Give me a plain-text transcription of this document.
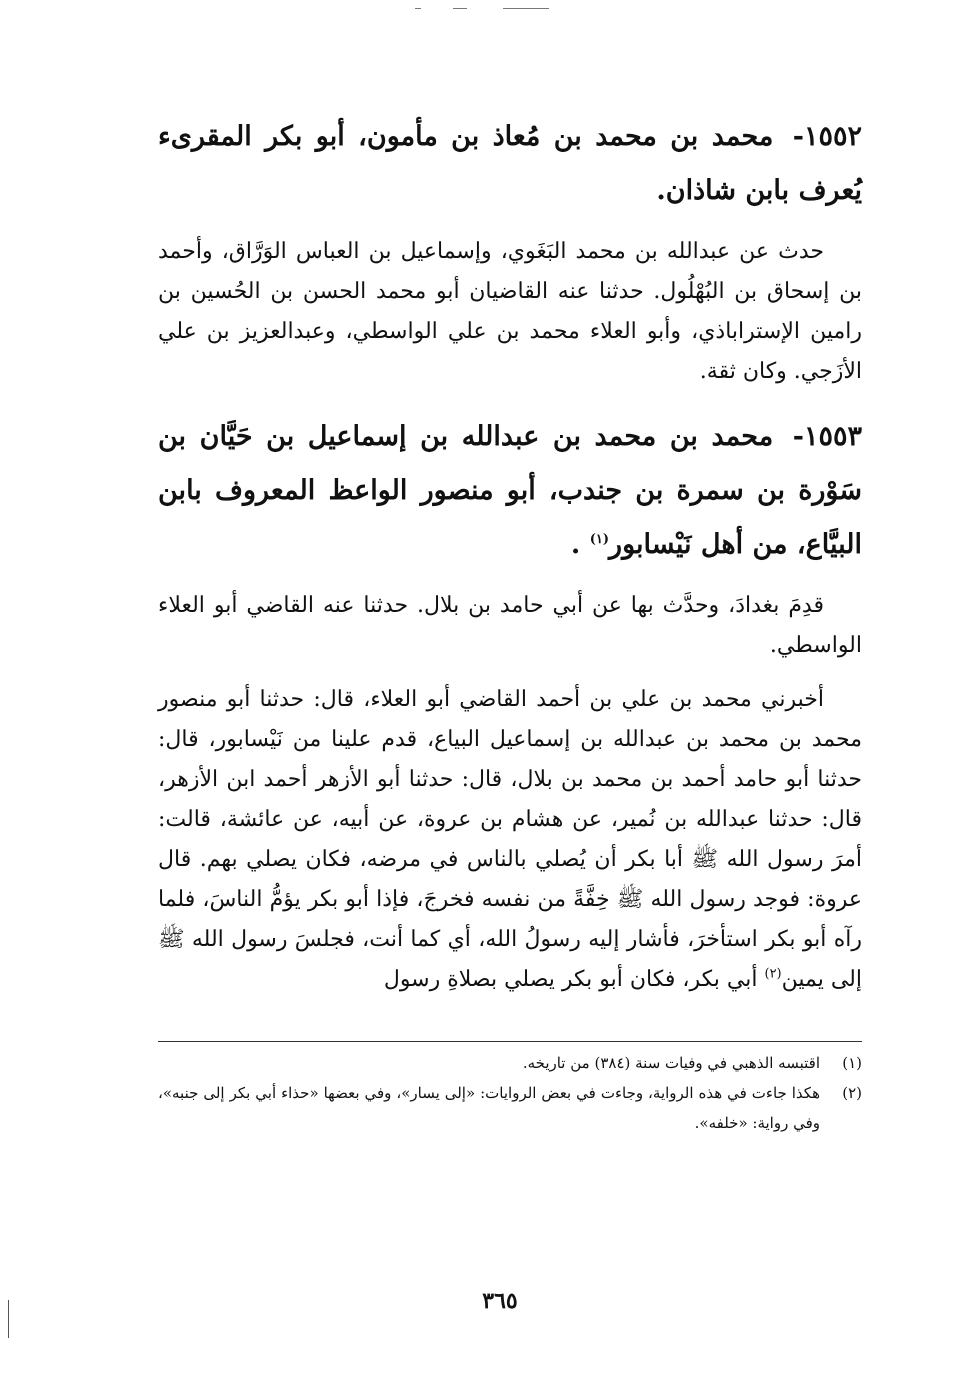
١٥٥٢- محمد بن محمد بن مُعاذ بن مأمون، أبو بكر المقرىء يُعرف بابن شاذان.

حدث عن عبدالله بن محمد البَغَوي، وإسماعيل بن العباس الوَرَّاق، وأحمد بن إسحاق بن البُهْلُول. حدثنا عنه القاضيان أبو محمد الحسن بن الحُسين بن رامين الإستراباذي، وأبو العلاء محمد بن علي الواسطي، وعبدالعزيز بن علي الأزَجي. وكان ثقة.

١٥٥٣- محمد بن محمد بن عبدالله بن إسماعيل بن حَيَّان بن سَوْرة بن سمرة بن جندب، أبو منصور الواعظ المعروف بابن البيَّاع، من أهل نَيْسابور$^{(١)}$ .

قدِمَ بغدادَ، وحدَّث بها عن أبي حامد بن بلال. حدثنا عنه القاضي أبو العلاء الواسطي.

أخبرني محمد بن علي بن أحمد القاضي أبو العلاء، قال: حدثنا أبو منصور محمد بن محمد بن عبدالله بن إسماعيل البياع، قدم علينا من نَيْسابور، قال: حدثنا أبو حامد أحمد بن محمد بن بلال، قال: حدثنا أبو الأزهر أحمد ابن الأزهر، قال: حدثنا عبدالله بن نُمير، عن هشام بن عروة، عن أبيه، عن عائشة، قالت: أمرَ رسول الله ﷺ أبا بكر أن يُصلي بالناس في مرضه، فكان يصلي بهم. قال عروة: فوجد رسول الله ﷺ خِفَّةً من نفسه فخرجَ، فإذا أبو بكر يؤمُّ الناسَ، فلما رآه أبو بكر استأخرَ، فأشار إليه رسولُ الله، أي كما أنت، فجلسَ رسول الله ﷺ إلى يمين$^{(٢)}$ أبي بكر، فكان أبو بكر يصلي بصلاةِ رسول

(١)
اقتبسه الذهبي في وفيات سنة (٣٨٤) من تاريخه.

(٢)
هكذا جاءت في هذه الرواية، وجاءت في بعض الروايات: «إلى يسار»، وفي بعضها «حذاء أبي بكر إلى جنبه»، وفي رواية: «خلفه».

٣٦٥
